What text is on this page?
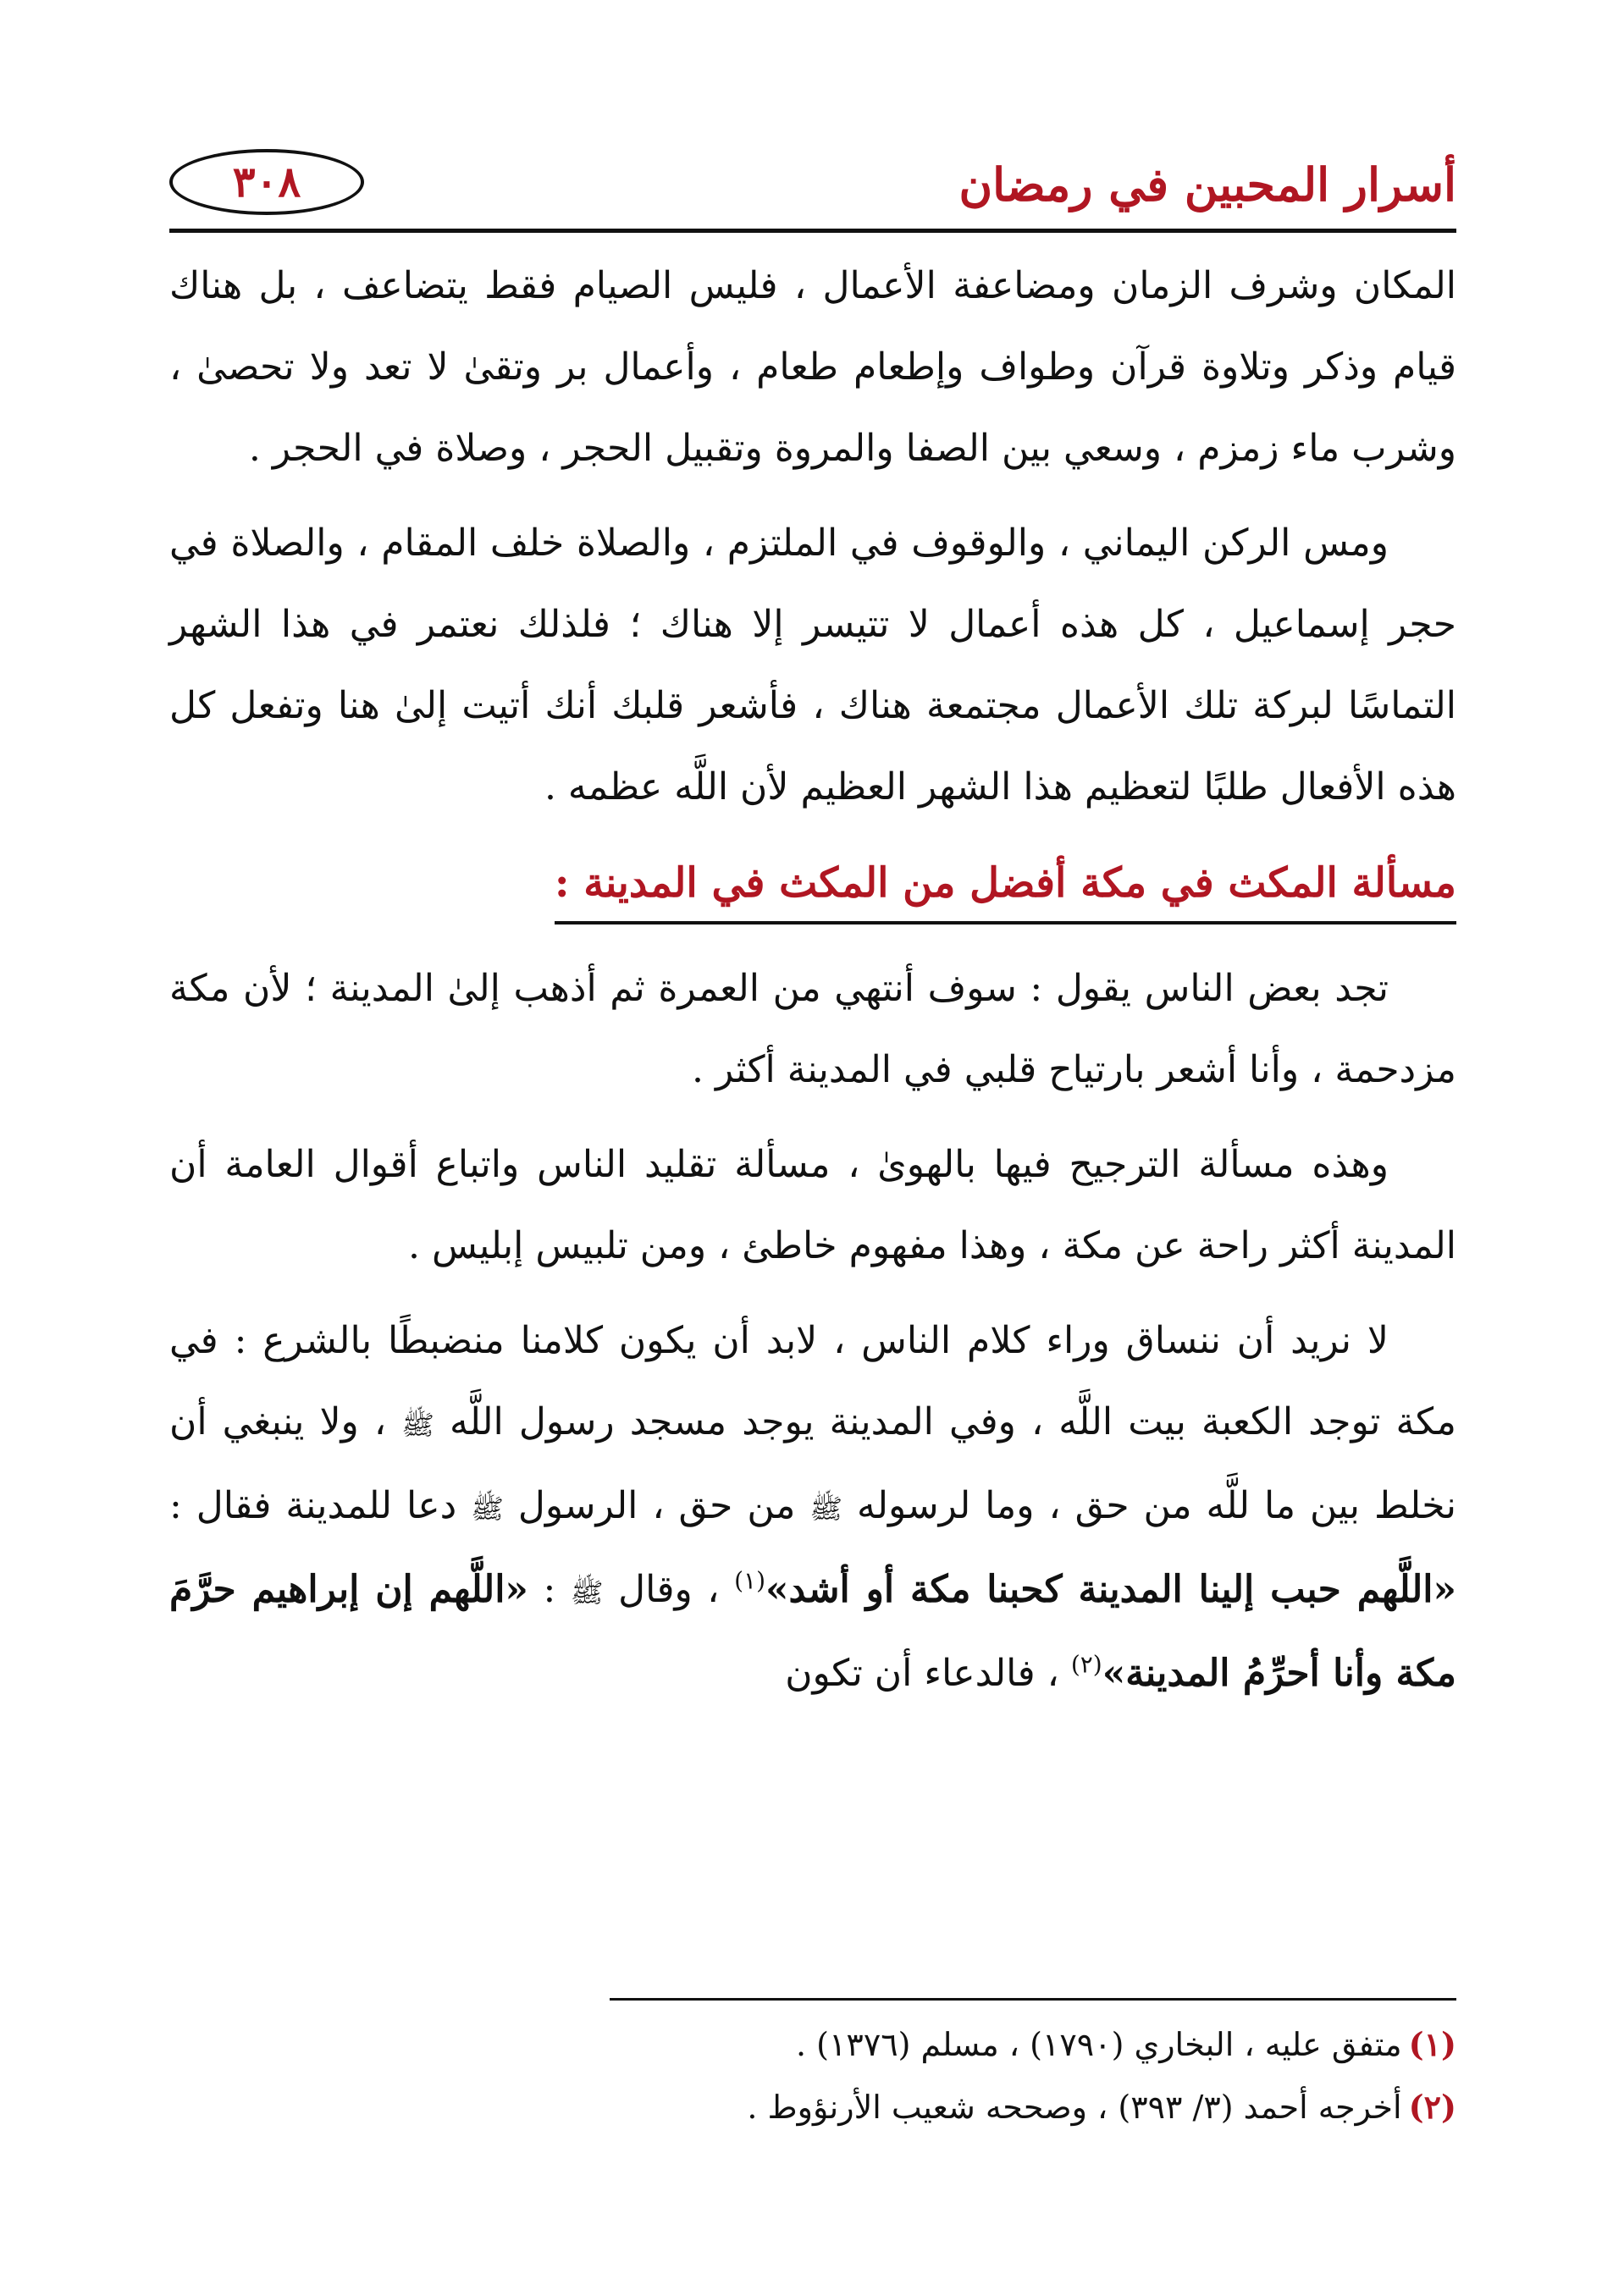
أسرار المحبين في رمضان
٣٠٨

المكان وشرف الزمان ومضاعفة الأعمال ، فليس الصيام فقط يتضاعف ، بل هناك قيام وذكر وتلاوة قرآن وطواف وإطعام طعام ، وأعمال بر وتقىٰ لا تعد ولا تحصىٰ ، وشرب ماء زمزم ، وسعي بين الصفا والمروة وتقبيل الحجر ، وصلاة في الحجر .

ومس الركن اليماني ، والوقوف في الملتزم ، والصلاة خلف المقام ، والصلاة في حجر إسماعيل ، كل هذه أعمال لا تتيسر إلا هناك ؛ فلذلك نعتمر في هذا الشهر التماسًا لبركة تلك الأعمال مجتمعة هناك ، فأشعر قلبك أنك أتيت إلىٰ هنا وتفعل كل هذه الأفعال طلبًا لتعظيم هذا الشهر العظيم لأن اللَّه عظمه .

مسألة المكث في مكة أفضل من المكث في المدينة :

تجد بعض الناس يقول : سوف أنتهي من العمرة ثم أذهب إلىٰ المدينة ؛ لأن مكة مزدحمة ، وأنا أشعر بارتياح قلبي في المدينة أكثر .

وهذه مسألة الترجيح فيها بالهوىٰ ، مسألة تقليد الناس واتباع أقوال العامة أن المدينة أكثر راحة عن مكة ، وهذا مفهوم خاطئ ، ومن تلبيس إبليس .

لا نريد أن ننساق وراء كلام الناس ، لابد أن يكون كلامنا منضبطًا بالشرع : في مكة توجد الكعبة بيت اللَّه ، وفي المدينة يوجد مسجد رسول اللَّه ﷺ ، ولا ينبغي أن نخلط بين ما للَّه من حق ، وما لرسوله ﷺ من حق ، الرسول ﷺ دعا للمدينة فقال : «اللَّهم حبب إلينا المدينة كحبنا مكة أو أشد»$^{(١)}$ ، وقال ﷺ : «اللَّهم إن إبراهيم حرَّمَ مكة وأنا أحرِّمُ المدينة»$^{(٢)}$ ، فالدعاء أن تكون

(١)متفق عليه ، البخاري (١٧٩٠) ، مسلم (١٣٧٦) .

(٢)أخرجه أحمد (٣/ ٣٩٣) ، وصححه شعيب الأرنؤوط .
